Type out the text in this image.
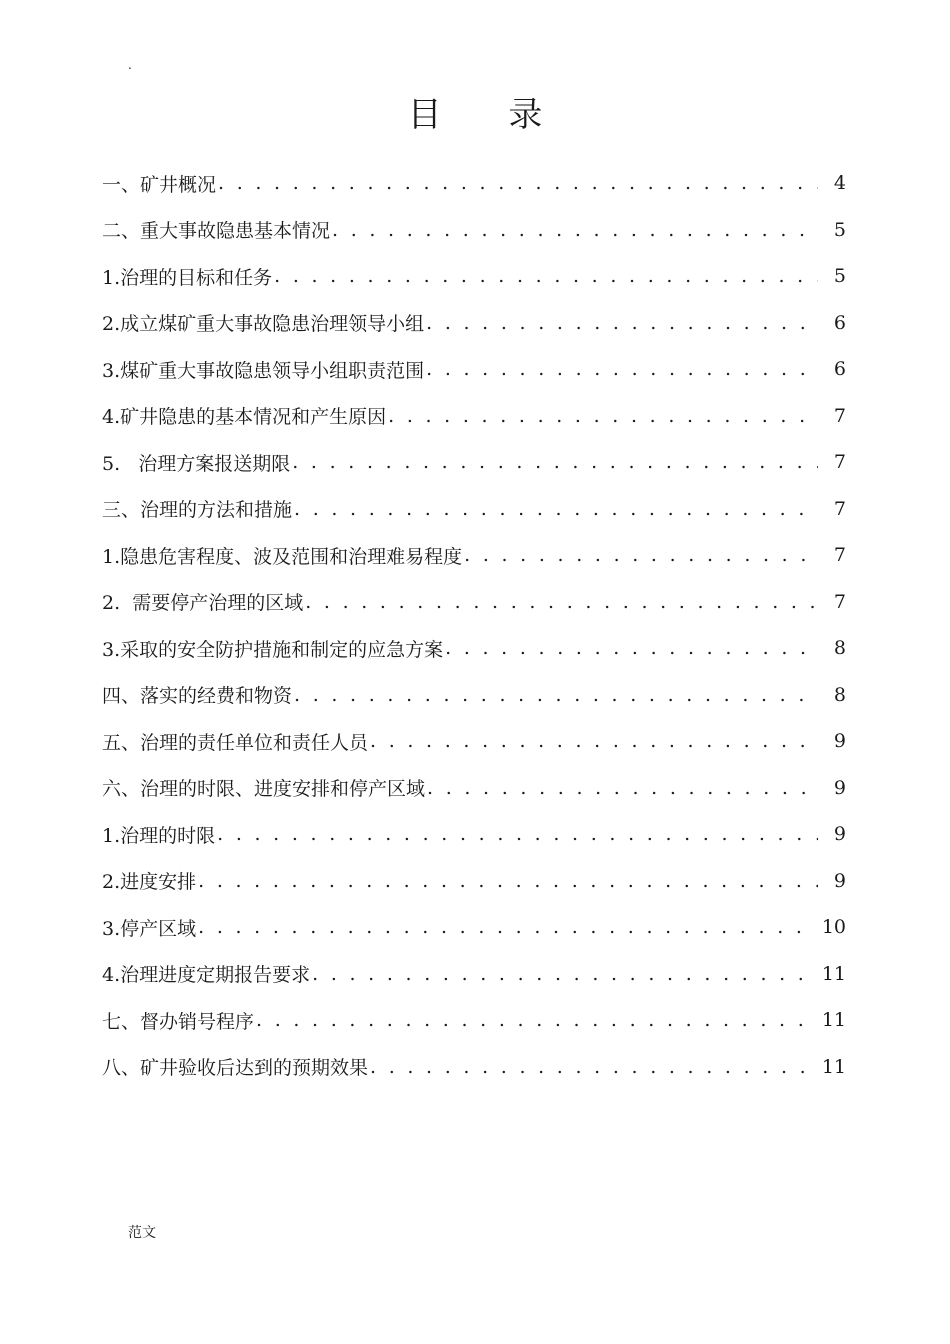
.
目 录
一、矿井概况 . . .	4
二、重大事故隐患基本情况 . . .	5
1.治理的目标和任务 . . .	5
2.成立煤矿重大事故隐患治理领导小组 . . .	6
3.煤矿重大事故隐患领导小组职责范围 . . .	6
4.矿井隐患的基本情况和产生原因 . . .	7
5.   治理方案报送期限 . . .	7
三、治理的方法和措施 . . .	7
1.隐患危害程度、波及范围和治理难易程度 . . .	7
2.  需要停产治理的区域 . . .	7
3.采取的安全防护措施和制定的应急方案 . . .	8
四、落实的经费和物资 . . .	8
五、治理的责任单位和责任人员 . . .	9
六、治理的时限、进度安排和停产区域 . . .	9
1.治理的时限 . . .	9
2.进度安排 . . .	9
3.停产区域 . . .	10
4.治理进度定期报告要求 . . .	11
七、督办销号程序 . . .	11
八、矿井验收后达到的预期效果 . . .	11
范文
